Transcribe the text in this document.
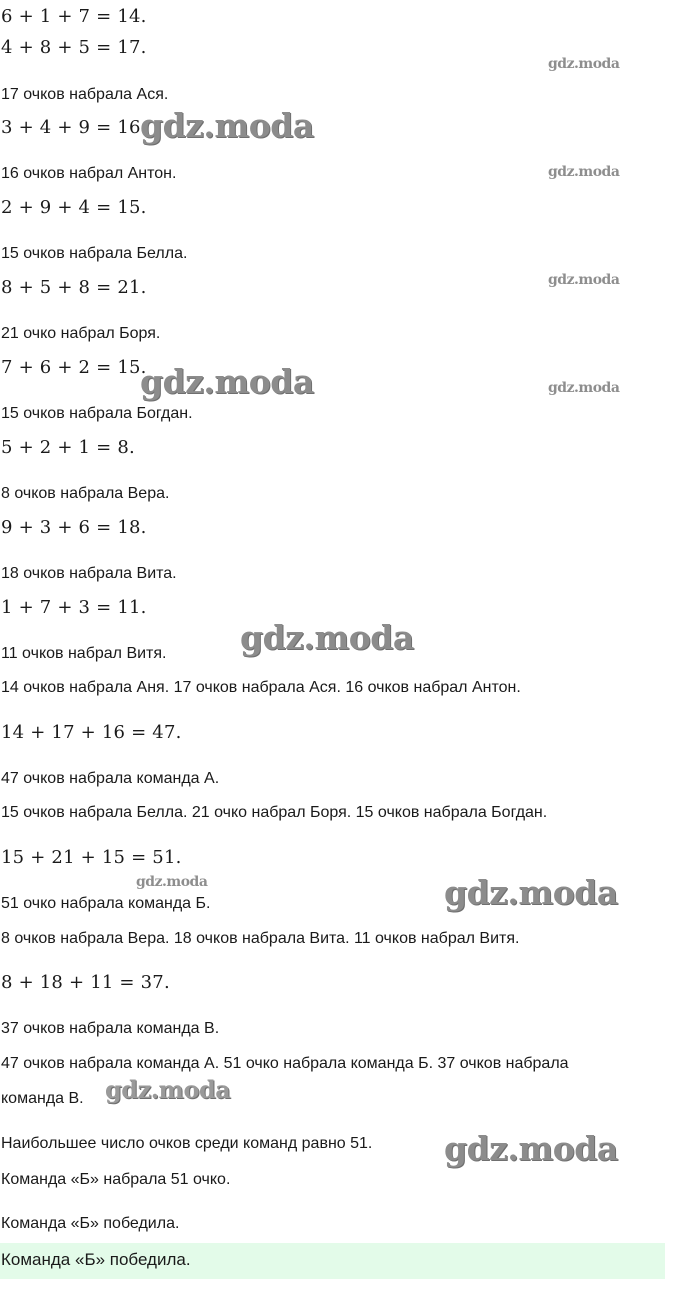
6 + 1 + 7 = 14.
4 + 8 + 5 = 17.
17 очков набрала Ася.
3 + 4 + 9 = 16.
16 очков набрал Антон.
2 + 9 + 4 = 15.
15 очков набрала Белла.
8 + 5 + 8 = 21.
21 очко набрал Боря.
7 + 6 + 2 = 15.
15 очков набрала Богдан.
5 + 2 + 1 = 8.
8 очков набрала Вера.
9 + 3 + 6 = 18.
18 очков набрала Вита.
1 + 7 + 3 = 11.
11 очков набрал Витя.
14 очков набрала Аня. 17 очков набрала Ася. 16 очков набрал Антон.
14 + 17 + 16 = 47.
47 очков набрала команда А.
15 очков набрала Белла. 21 очко набрал Боря. 15 очков набрала Богдан.
15 + 21 + 15 = 51.
51 очко набрала команда Б.
8 очков набрала Вера. 18 очков набрала Вита. 11 очков набрал Витя.
8 + 18 + 11 = 37.
37 очков набрала команда В.
47 очков набрала команда А. 51 очко набрала команда Б. 37 очков набрала
команда В.
Наибольшее число очков среди команд равно 51.
Команда «Б» набрала 51 очко.
Команда «Б» победила.
Команда «Б» победила.
gdz.moda
gdz.moda
gdz.moda
gdz.moda
gdz.moda	gdz.moda
gdz.moda
gdz.moda	gdz.moda
gdz.moda
gdz.moda
